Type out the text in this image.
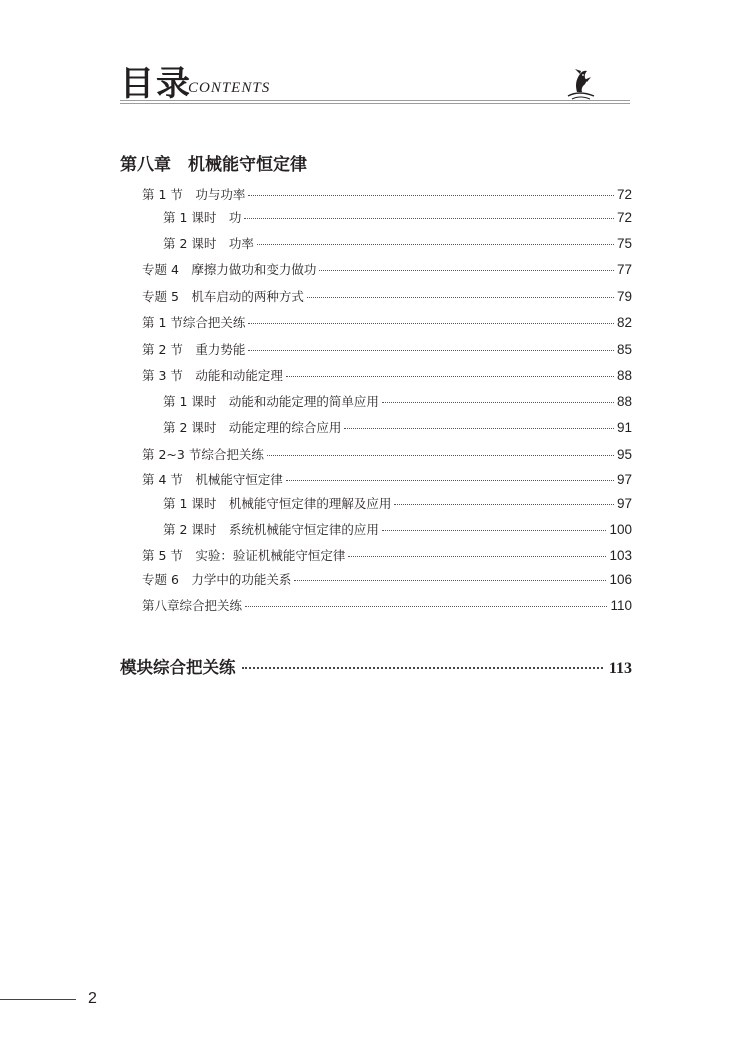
目录
CONTENTS
第八章　机械能守恒定律
第 1 节　功与功率	72
第 1 课时　功	72
第 2 课时　功率	75
专题 4　摩擦力做功和变力做功	77
专题 5　机车启动的两种方式	79
第 1 节综合把关练	82
第 2 节　重力势能	85
第 3 节　动能和动能定理	88
第 1 课时　动能和动能定理的简单应用	88
第 2 课时　动能定理的综合应用	91
第 2~3 节综合把关练	95
第 4 节　机械能守恒定律	97
第 1 课时　机械能守恒定律的理解及应用	97
第 2 课时　系统机械能守恒定律的应用	100
第 5 节　实验：验证机械能守恒定律	103
专题 6　力学中的功能关系	106
第八章综合把关练	110
模块综合把关练	113
2
